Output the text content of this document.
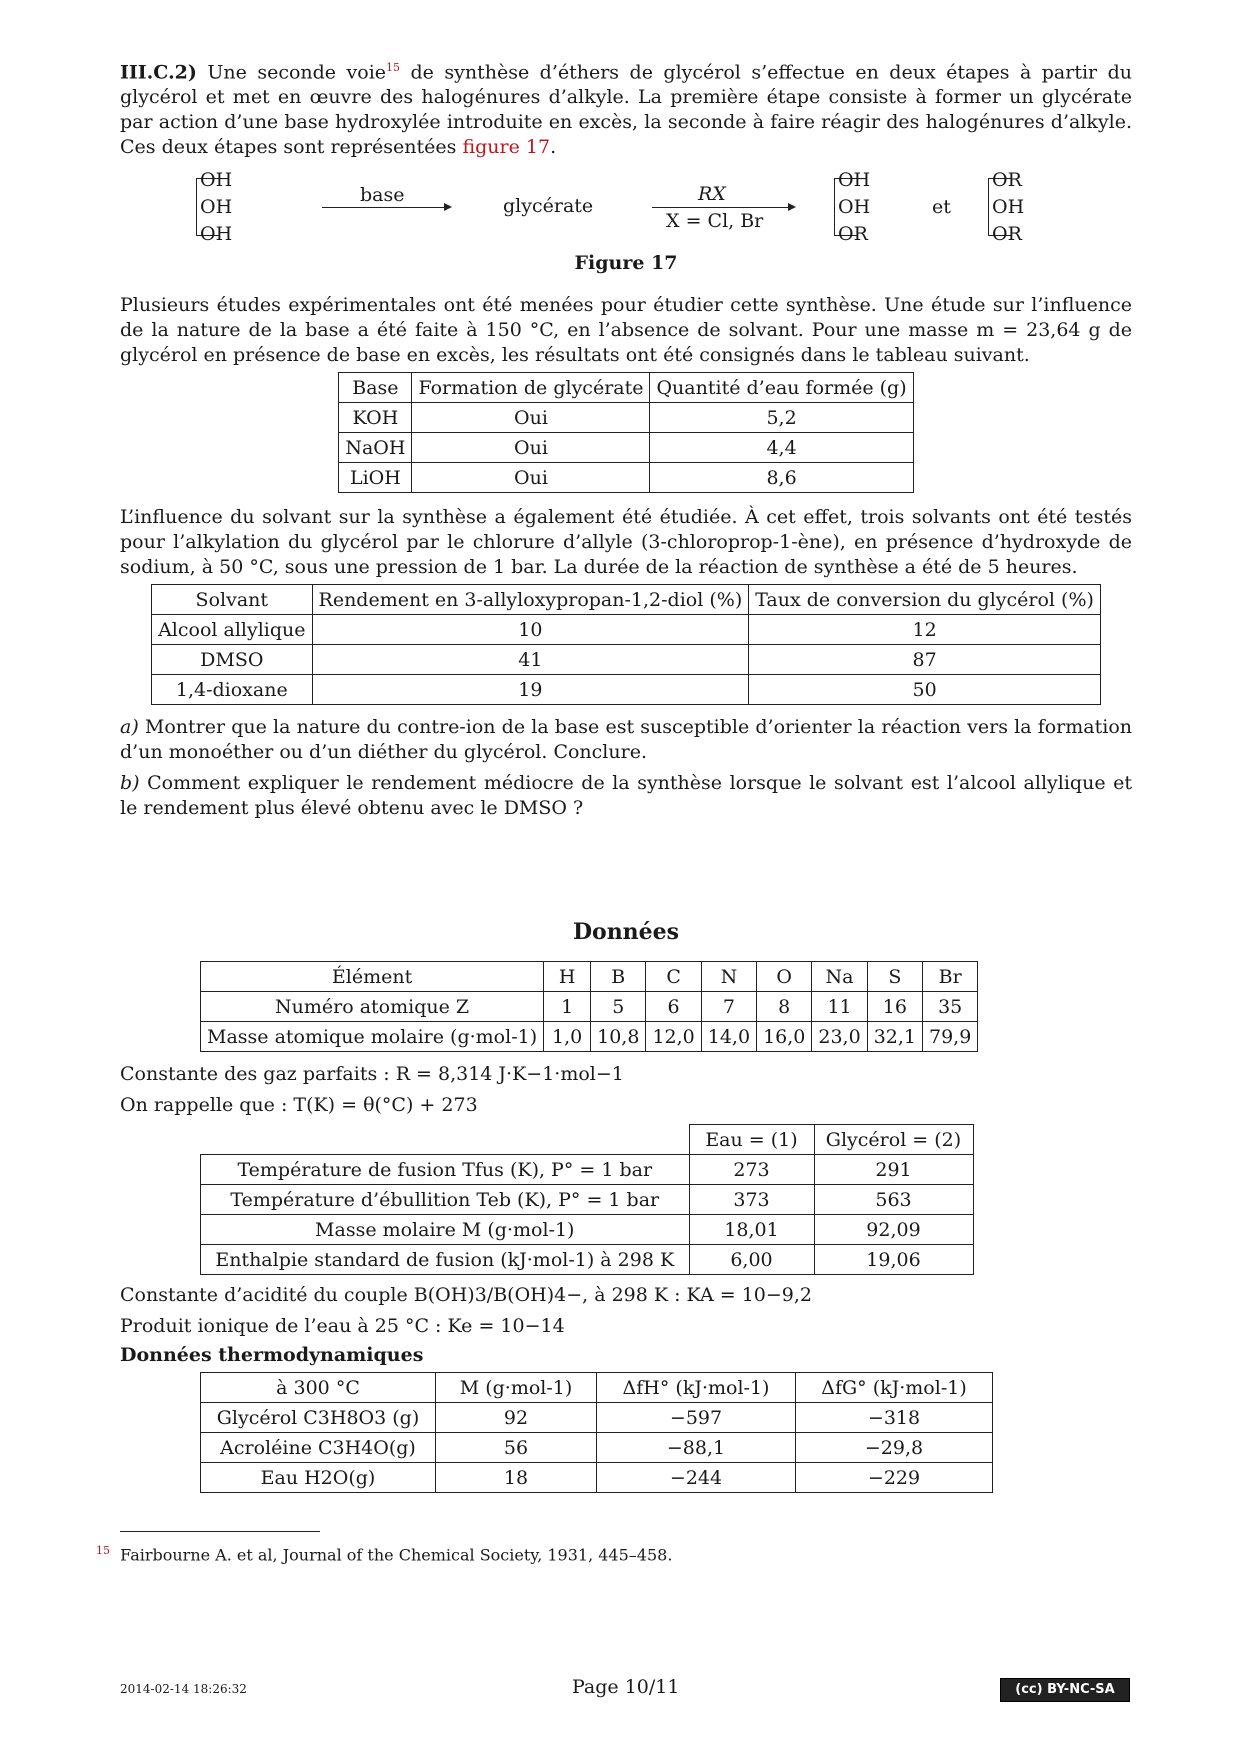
III.C.2) Une seconde voie$^{15}$ de synthèse d’éthers de glycérol s’effectue en deux étapes à partir du glycérol et met en œuvre des halogénures d’alkyle. La première étape consiste à former un glycérate par action d’une base hydroxylée introduite en excès, la seconde à faire réagir des halogénures d’alkyle. Ces deux étapes sont représentées figure 17.

OH
OH
OH
base	glycérate
RX
X = Cl, Br
OH
OH
OR
et
OR
OH
OR
Figure 17

Plusieurs études expérimentales ont été menées pour étudier cette synthèse. Une étude sur l’influence de la nature de la base a été faite à 150 °C, en l’absence de solvant. Pour une masse m = 23,64 g de glycérol en présence de base en excès, les résultats ont été consignés dans le tableau suivant.

Base	Formation de glycérate	Quantité d’eau formée (g)
KOH	Oui	5,2
NaOH	Oui	4,4
LiOH	Oui	8,6

L’influence du solvant sur la synthèse a également été étudiée. À cet effet, trois solvants ont été testés pour l’alkylation du glycérol par le chlorure d’allyle (3-chloroprop-1-ène), en présence d’hydroxyde de sodium, à 50 °C, sous une pression de 1 bar. La durée de la réaction de synthèse a été de 5 heures.

Solvant	Rendement en 3-allyloxypropan-1,2-diol (%)	Taux de conversion du glycérol (%)
Alcool allylique	10	12
DMSO	41	87
1,4-dioxane	19	50

a) Montrer que la nature du contre-ion de la base est susceptible d’orienter la réaction vers la formation d’un monoéther ou d’un diéther du glycérol. Conclure.

b) Comment expliquer le rendement médiocre de la synthèse lorsque le solvant est l’alcool allylique et le rendement plus élevé obtenu avec le DMSO ?

Données
Élément	H	B	C	N	O	Na	S	Br
Numéro atomique Z	1	5	6	7	8	11	16	35
Masse atomique molaire (g·mol-1)	1,0	10,8	12,0	14,0	16,0	23,0	32,1	79,9

Constante des gaz parfaits : R = 8,314 J·K−1·mol−1

On rappelle que : T(K) = θ(°C) + 273

	Eau = (1)	Glycérol = (2)
Température de fusion Tfus (K), P° = 1 bar	273	291
Température d’ébullition Teb (K), P° = 1 bar	373	563
Masse molaire M (g·mol-1)	18,01	92,09
Enthalpie standard de fusion (kJ·mol-1) à 298 K	6,00	19,06

Constante d’acidité du couple B(OH)3/B(OH)4−, à 298 K : KA = 10−9,2

Produit ionique de l’eau à 25 °C : Ke = 10−14

Données thermodynamiques

à 300 °C	M (g·mol-1)	ΔfH° (kJ·mol-1)	ΔfG° (kJ·mol-1)
Glycérol C3H8O3 (g)	92	−597	−318
Acroléine C3H4O(g)	56	−88,1	−29,8
Eau H2O(g)	18	−244	−229

$^{15}$ Fairbourne A. et al, Journal of the Chemical Society, 1931, 445–458.

2014-02-14 18:26:32	Page 10/11	(cc) BY-NC-SA
